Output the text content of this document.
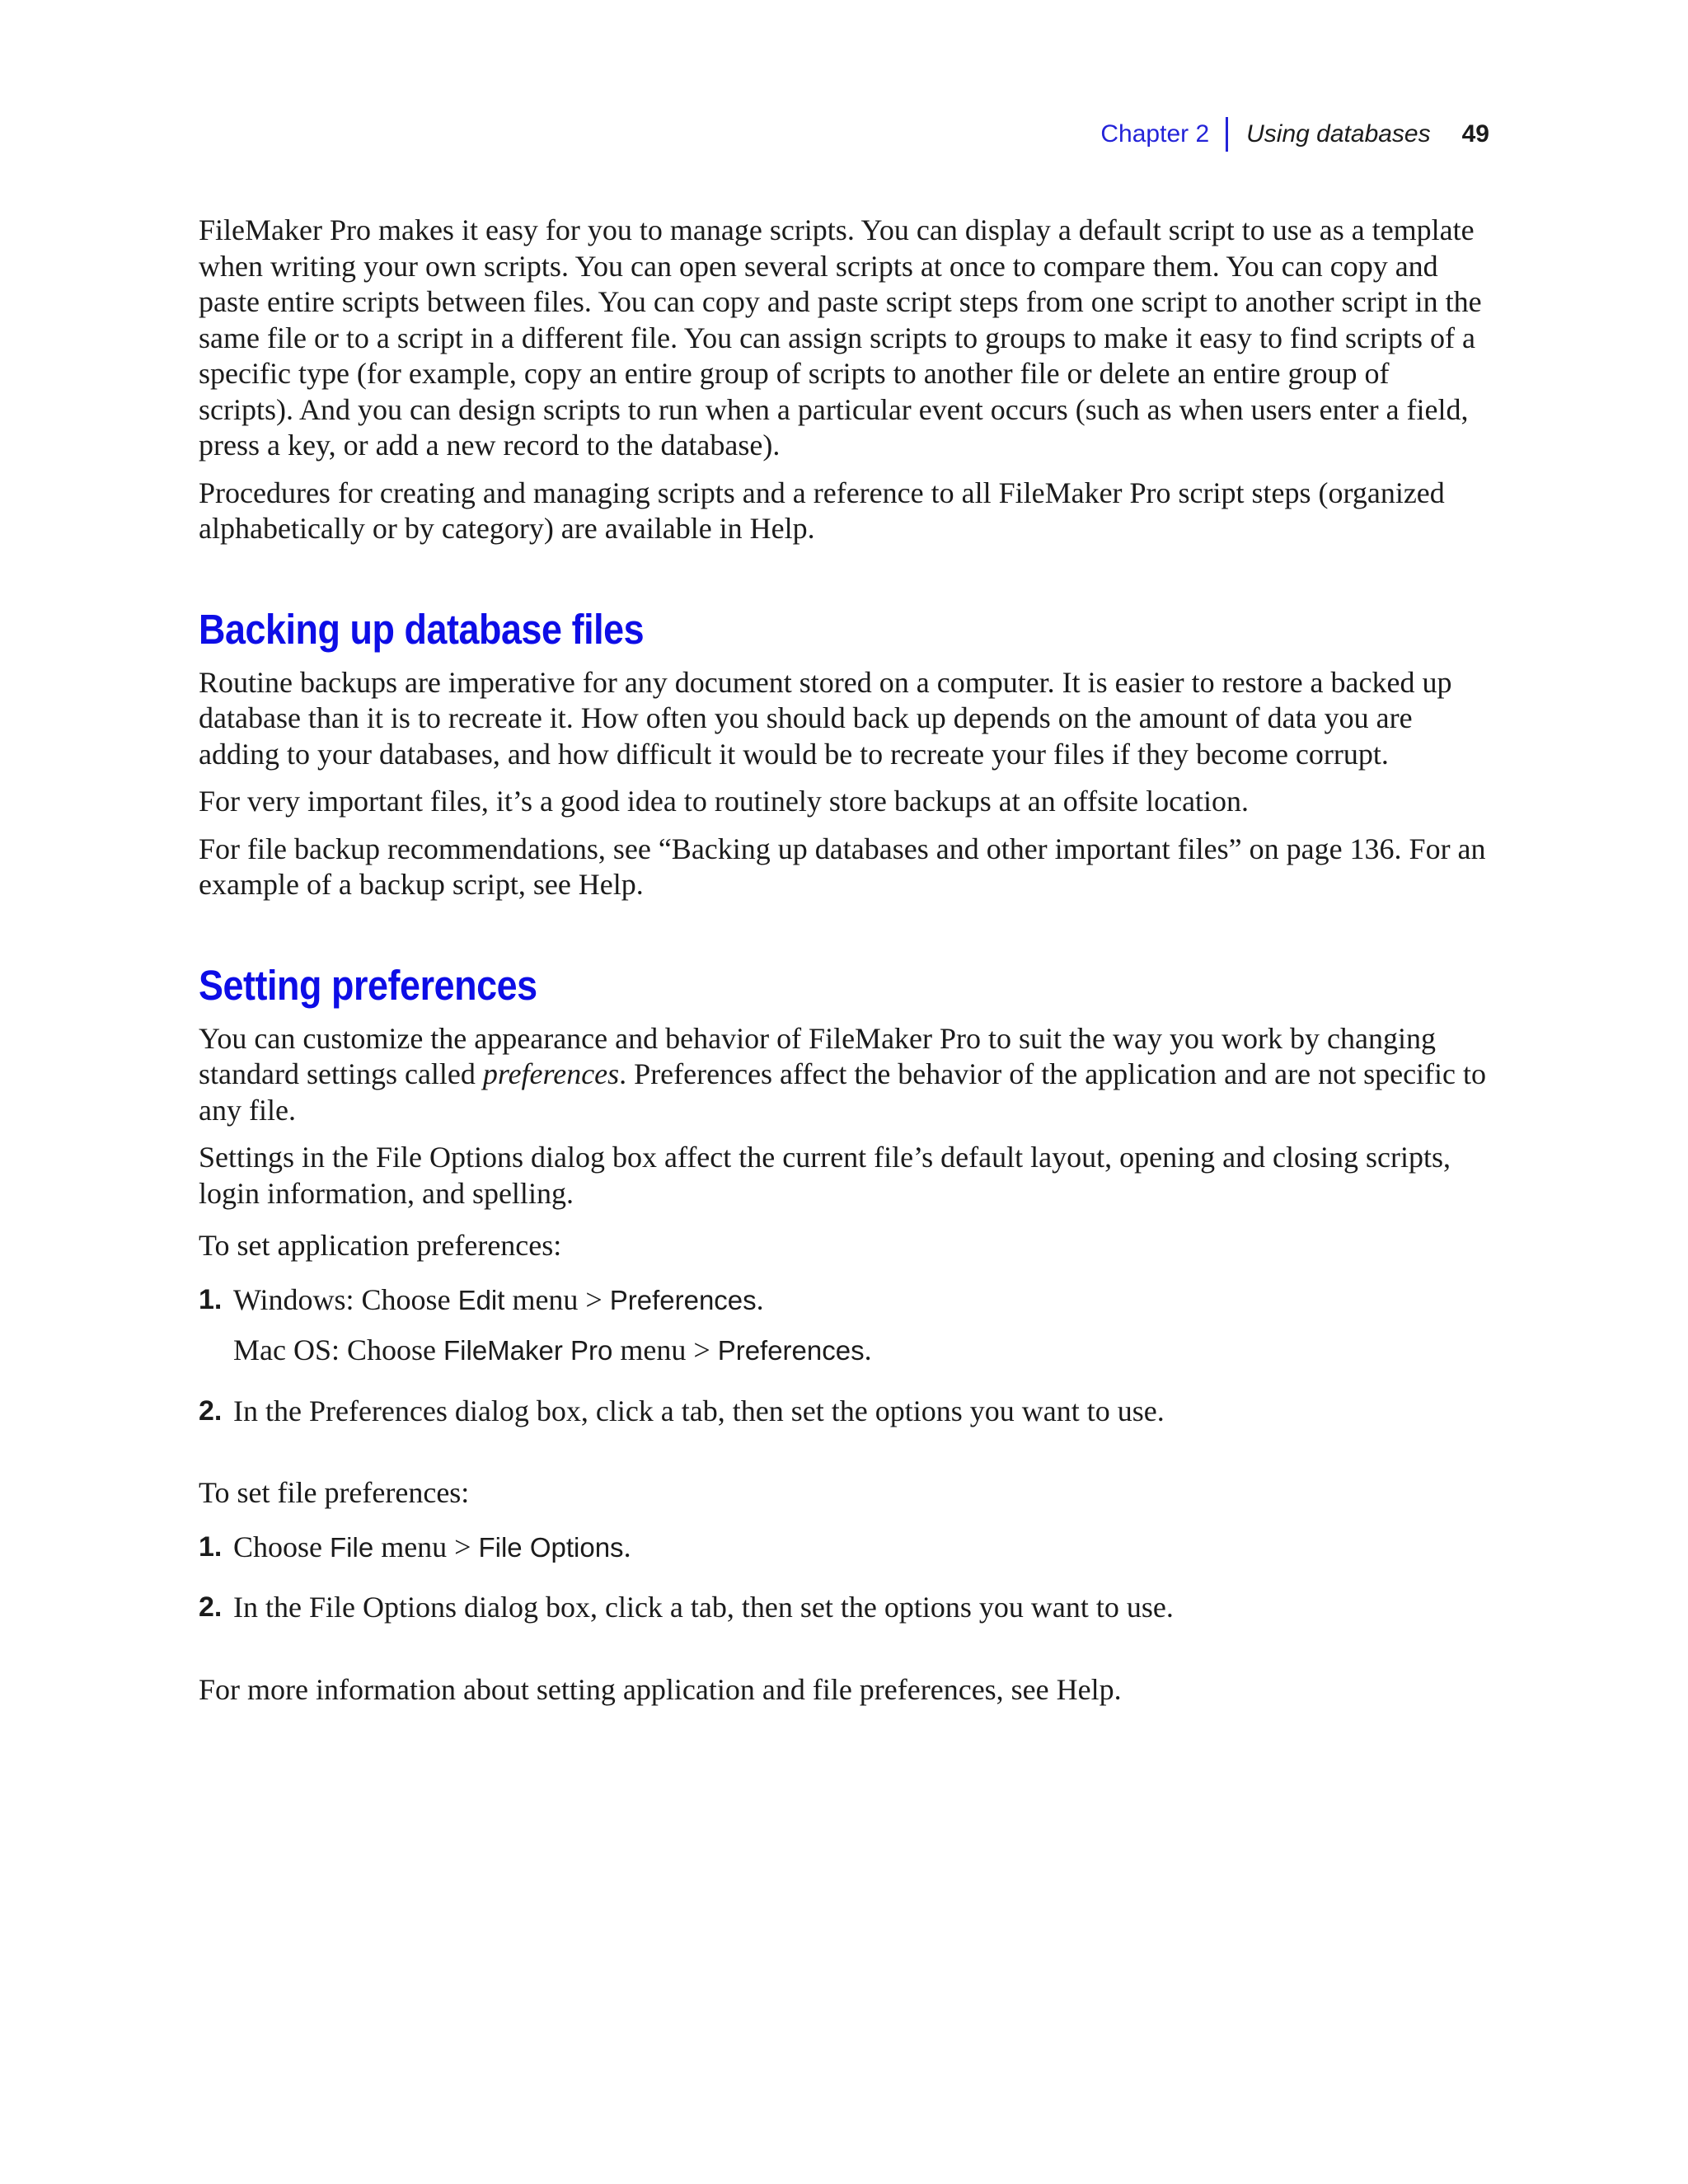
Chapter 2 Using databases 49

FileMaker Pro makes it easy for you to manage scripts. You can display a default script to use as a template when writing your own scripts. You can open several scripts at once to compare them. You can copy and paste entire scripts between files. You can copy and paste script steps from one script to another script in the same file or to a script in a different file. You can assign scripts to groups to make it easy to find scripts of a specific type (for example, copy an entire group of scripts to another file or delete an entire group of scripts). And you can design scripts to run when a particular event occurs (such as when users enter a field, press a key, or add a new record to the database).

Procedures for creating and managing scripts and a reference to all FileMaker Pro script steps (organized alphabetically or by category) are available in Help.

Backing up database files

Routine backups are imperative for any document stored on a computer. It is easier to restore a backed up database than it is to recreate it. How often you should back up depends on the amount of data you are adding to your databases, and how difficult it would be to recreate your files if they become corrupt.

For very important files, it’s a good idea to routinely store backups at an offsite location.

For file backup recommendations, see “Backing up databases and other important files” on page 136. For an example of a backup script, see Help.

Setting preferences

You can customize the appearance and behavior of FileMaker Pro to suit the way you work by changing standard settings called preferences. Preferences affect the behavior of the application and are not specific to any file.

Settings in the File Options dialog box affect the current file’s default layout, opening and closing scripts, login information, and spelling.

To set application preferences:

1. Windows: Choose Edit menu > Preferences.
Mac OS: Choose FileMaker Pro menu > Preferences.
2. In the Preferences dialog box, click a tab, then set the options you want to use.

To set file preferences:

1. Choose File menu > File Options.
2. In the File Options dialog box, click a tab, then set the options you want to use.

For more information about setting application and file preferences, see Help.
